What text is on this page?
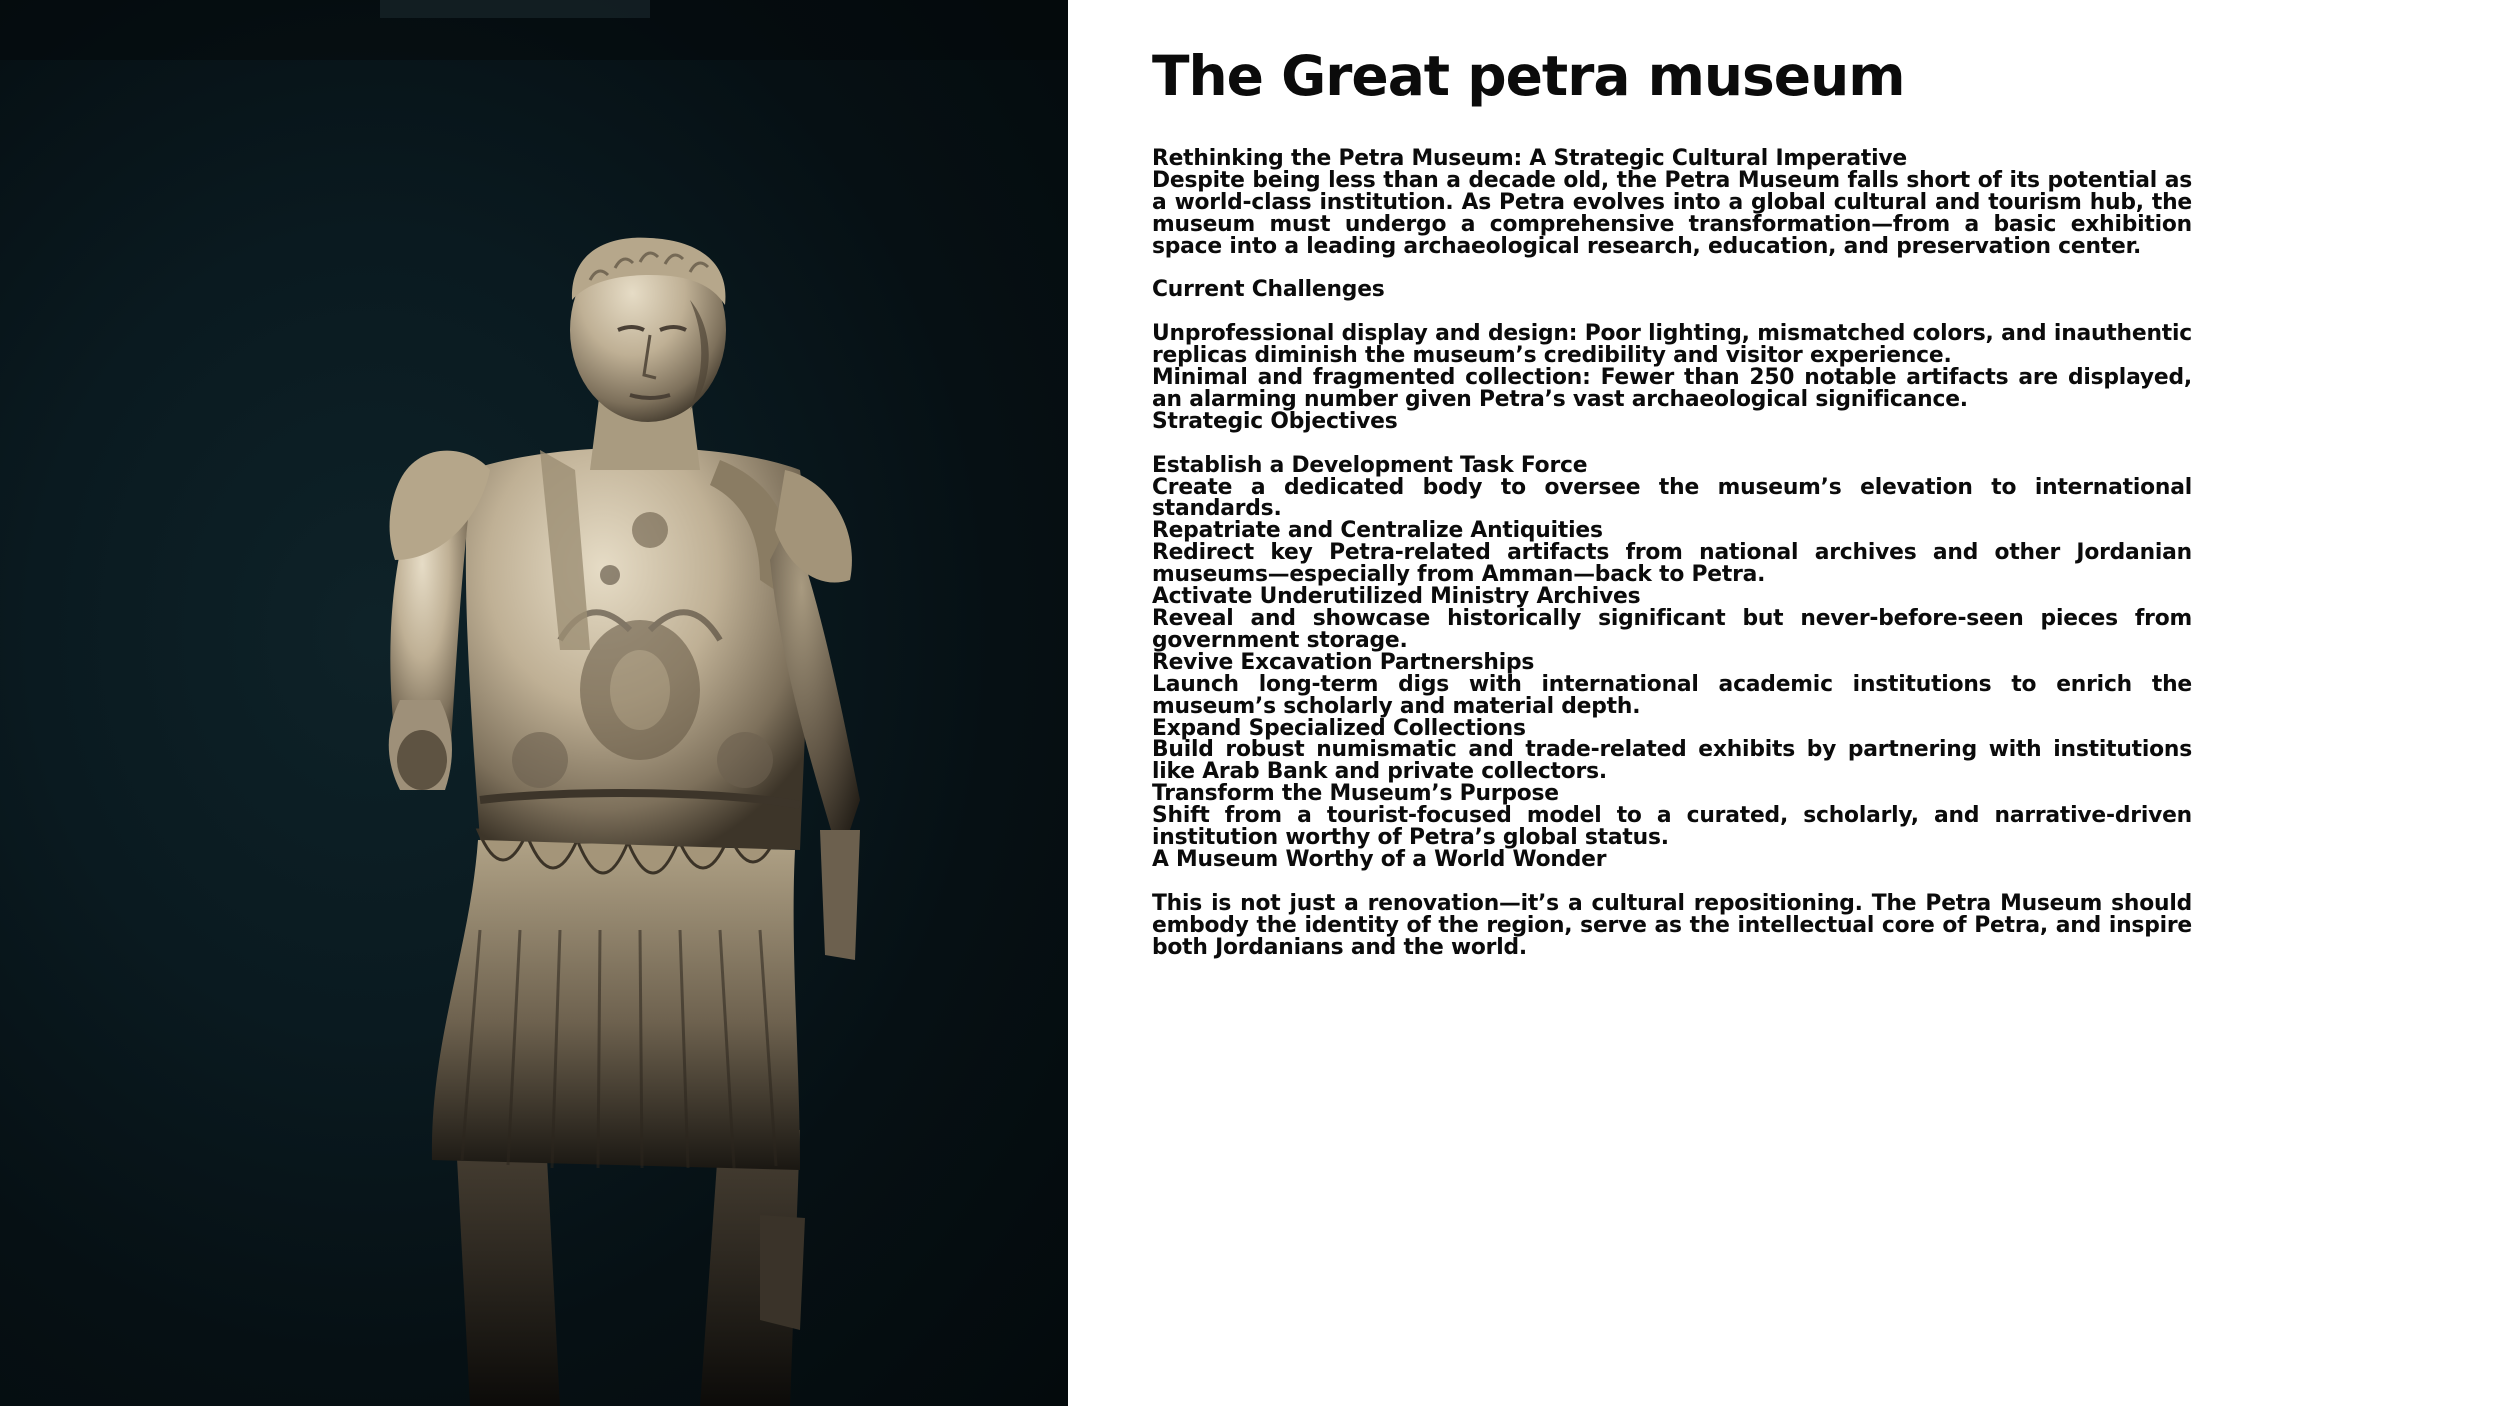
The Great petra museum

Rethinking the Petra Museum: A Strategic Cultural Imperative

Despite being less than a decade old, the Petra Museum falls short of its potential as a world-class institution. As Petra evolves into a global cultural and tourism hub, the museum must undergo a comprehensive transformation—from a basic exhibition space into a leading archaeological research, education, and preservation center.

Current Challenges

Unprofessional display and design: Poor lighting, mismatched colors, and inauthentic replicas diminish the museum’s credibility and visitor experience.

Minimal and fragmented collection: Fewer than 250 notable artifacts are displayed, an alarming number given Petra’s vast archaeological significance.

Strategic Objectives

Establish a Development Task Force

Create a dedicated body to oversee the museum’s elevation to international standards.

Repatriate and Centralize Antiquities

Redirect key Petra-related artifacts from national archives and other Jordanian museums—especially from Amman—back to Petra.

Activate Underutilized Ministry Archives

Reveal and showcase historically significant but never-before-seen pieces from government storage.

Revive Excavation Partnerships

Launch long-term digs with international academic institutions to enrich the museum’s scholarly and material depth.

Expand Specialized Collections

Build robust numismatic and trade-related exhibits by partnering with institutions like Arab Bank and private collectors.

Transform the Museum’s Purpose

Shift from a tourist-focused model to a curated, scholarly, and narrative-driven institution worthy of Petra’s global status.

A Museum Worthy of a World Wonder

This is not just a renovation—it’s a cultural repositioning. The Petra Museum should embody the identity of the region, serve as the intellectual core of Petra, and inspire both Jordanians and the world.
